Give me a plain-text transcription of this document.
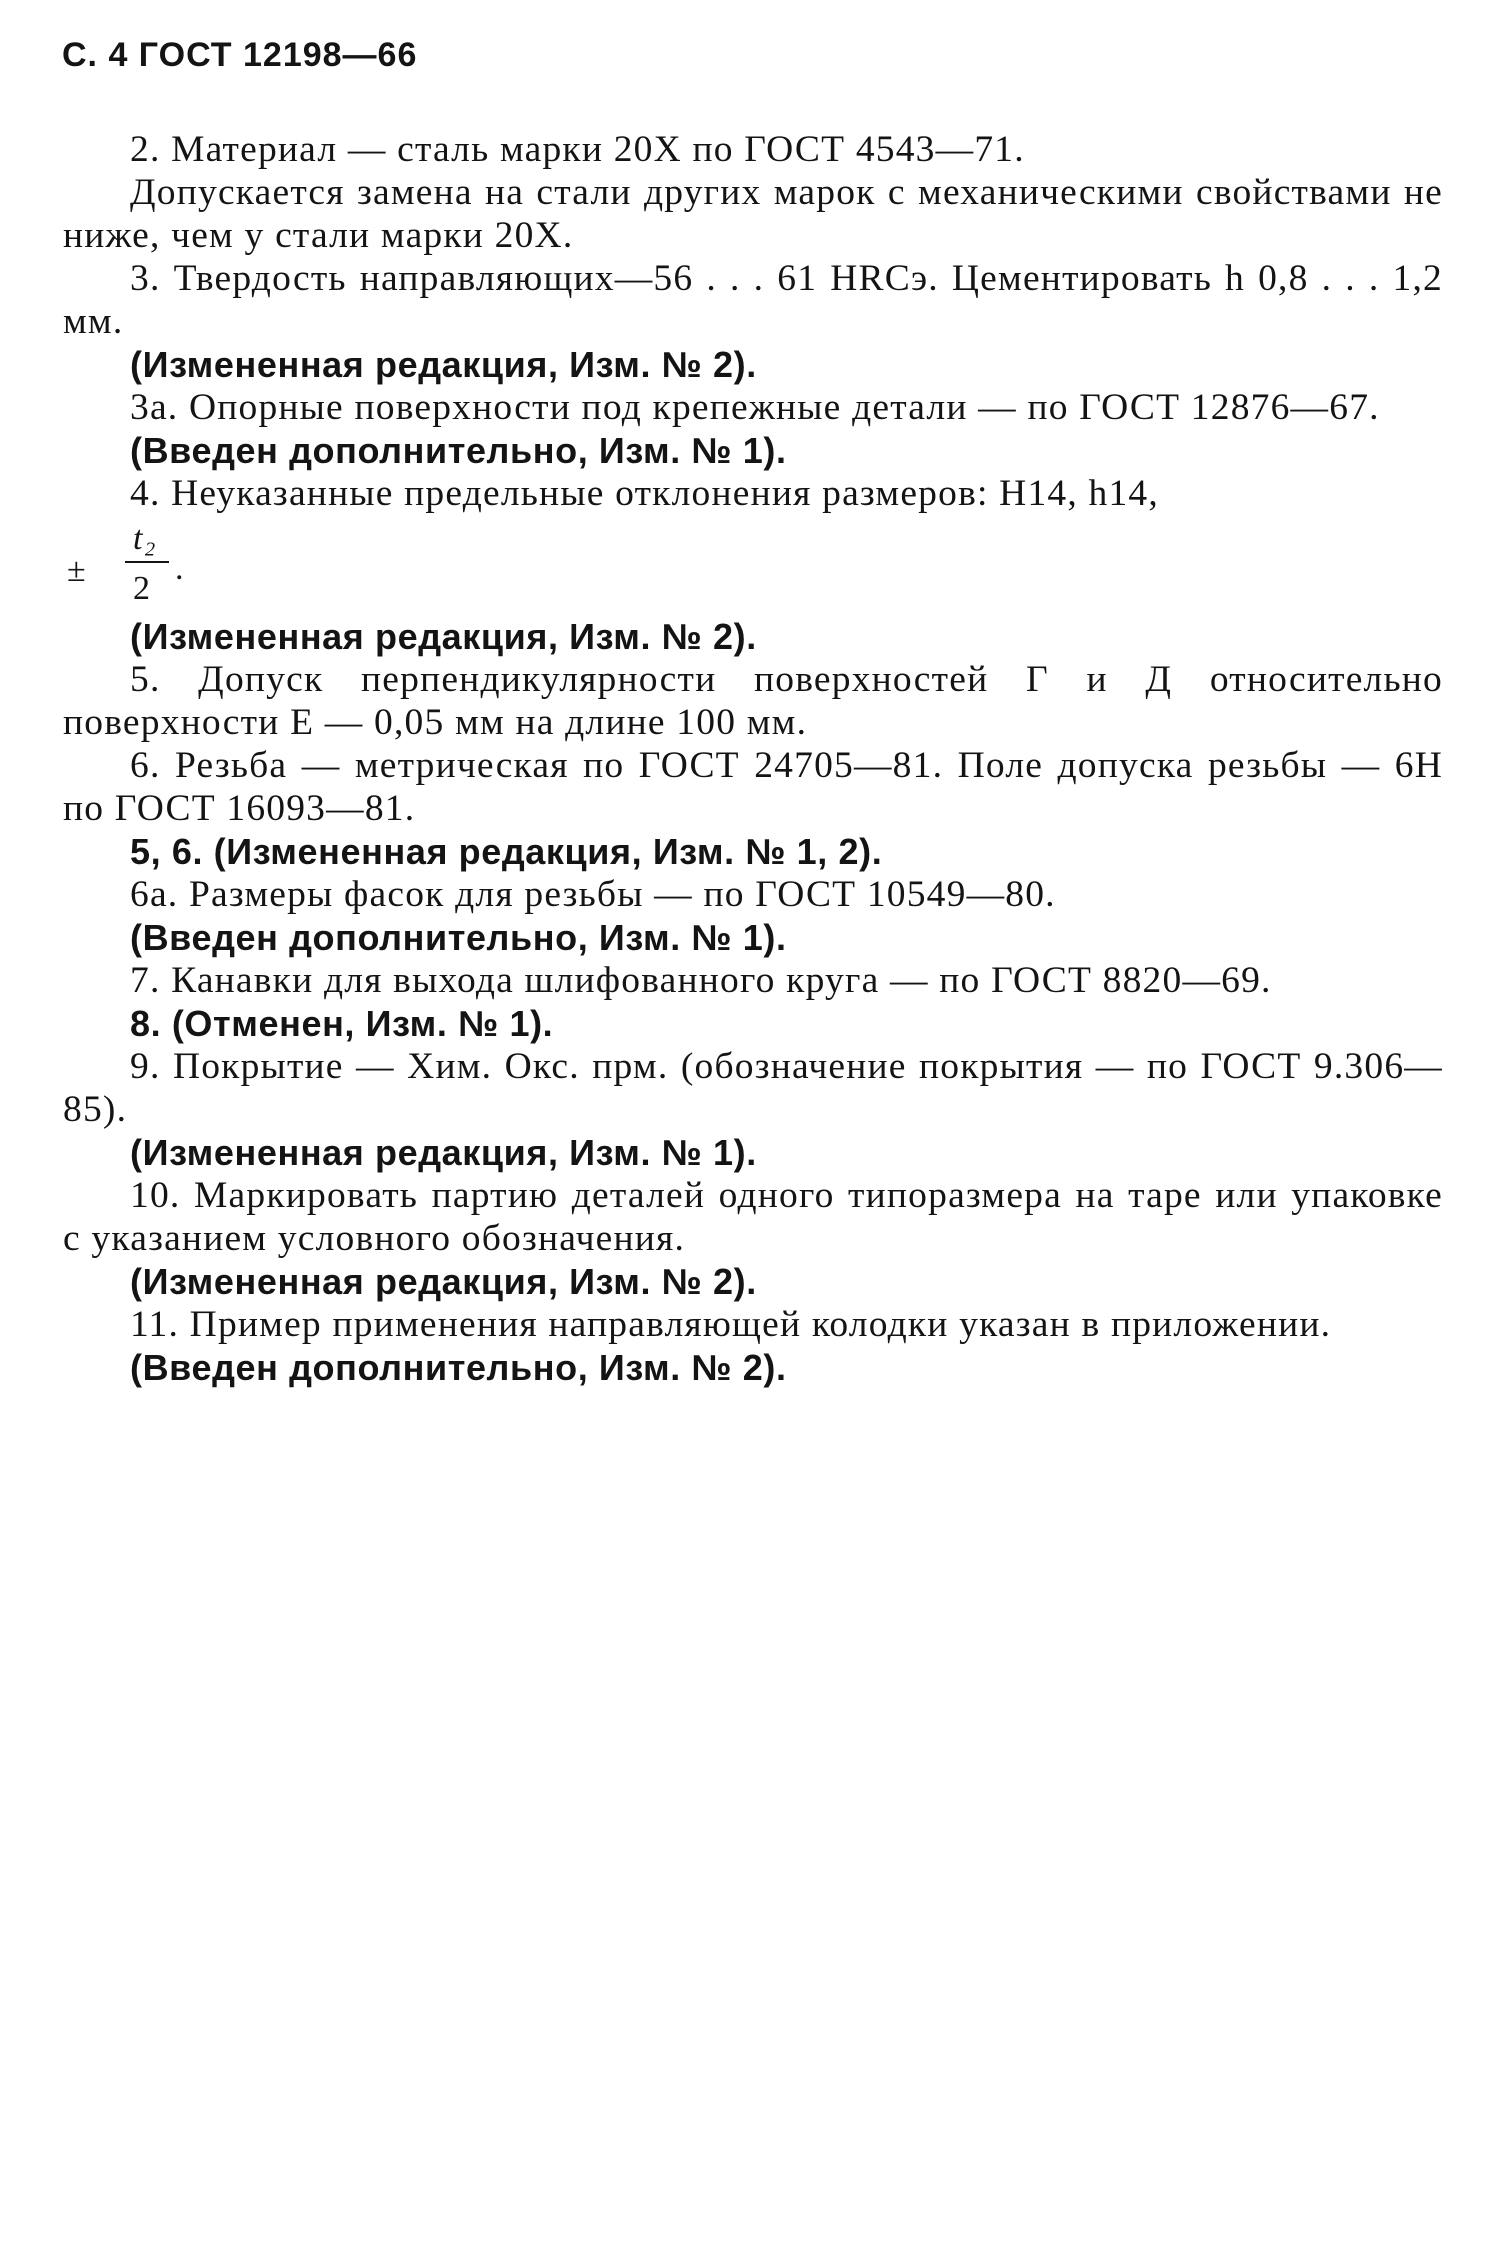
С. 4 ГОСТ 12198—66

2. Материал — сталь марки 20Х по ГОСТ 4543—71.

Допускается замена на стали других марок с механическими свойствами не ниже, чем у стали марки 20Х.

3. Твердость направляющих—56 . . . 61 HRCэ. Цементировать h 0,8 . . . 1,2 мм.

(Измененная редакция, Изм. № 2).

3а. Опорные поверхности под крепежные детали — по ГОСТ 12876—67.

(Введен дополнительно, Изм. № 1).

4. Неуказанные предельные отклонения размеров: H14, h14,

±
t₂
2
.

(Измененная редакция, Изм. № 2).

5. Допуск перпендикулярности поверхностей Г и Д относительно поверхности Е — 0,05 мм на длине 100 мм.

6. Резьба — метрическая по ГОСТ 24705—81. Поле допуска резьбы — 6H по ГОСТ 16093—81.

5, 6. (Измененная редакция, Изм. № 1, 2).

6а. Размеры фасок для резьбы — по ГОСТ 10549—80.

(Введен дополнительно, Изм. № 1).

7. Канавки для выхода шлифованного круга — по ГОСТ 8820—69.

8. (Отменен, Изм. № 1).

9. Покрытие — Хим. Окс. прм. (обозначение покрытия — по ГОСТ 9.306—85).

(Измененная редакция, Изм. № 1).

10. Маркировать партию деталей одного типоразмера на таре или упаковке с указанием условного обозначения.

(Измененная редакция, Изм. № 2).

11. Пример применения направляющей колодки указан в приложении.

(Введен дополнительно, Изм. № 2).
